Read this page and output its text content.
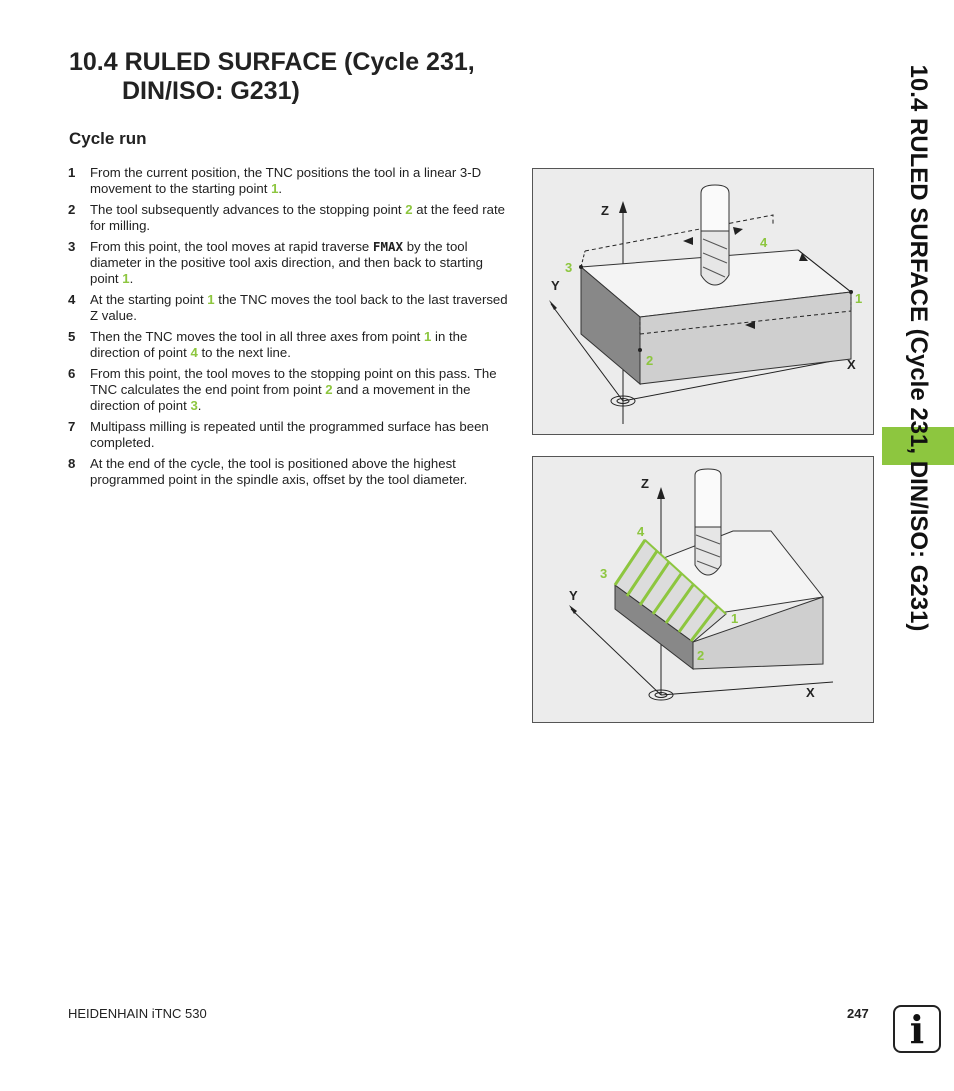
10.4 RULED SURFACE (Cycle 231,
DIN/ISO: G231)
Cycle run
1	From the current position, the TNC positions the tool in a linear 3-D movement to the starting point 1.
2	The tool subsequently advances to the stopping point 2 at the feed rate for milling.
3	From this point, the tool moves at rapid traverse FMAX by the tool diameter in the positive tool axis direction, and then back to starting point 1.
4	At the starting point 1 the TNC moves the tool back to the last traversed Z value.
5	Then the TNC moves the tool in all three axes from point 1 in the direction of point 4 to the next line.
6	From this point, the tool moves to the stopping point on this pass. The TNC calculates the end point from point 2 and a movement in the direction of point 3.
7	Multipass milling is repeated until the programmed surface has been completed.
8	At the end of the cycle, the tool is positioned above the highest programmed point in the spindle axis, offset by the tool diameter.
Z
Y
X
1
2
3
4
Z
Y
X
1
2
3
4	10.4 RULED SURFACE (Cycle 231, DIN/ISO: G231)
HEIDENHAIN iTNC 530	247	i
